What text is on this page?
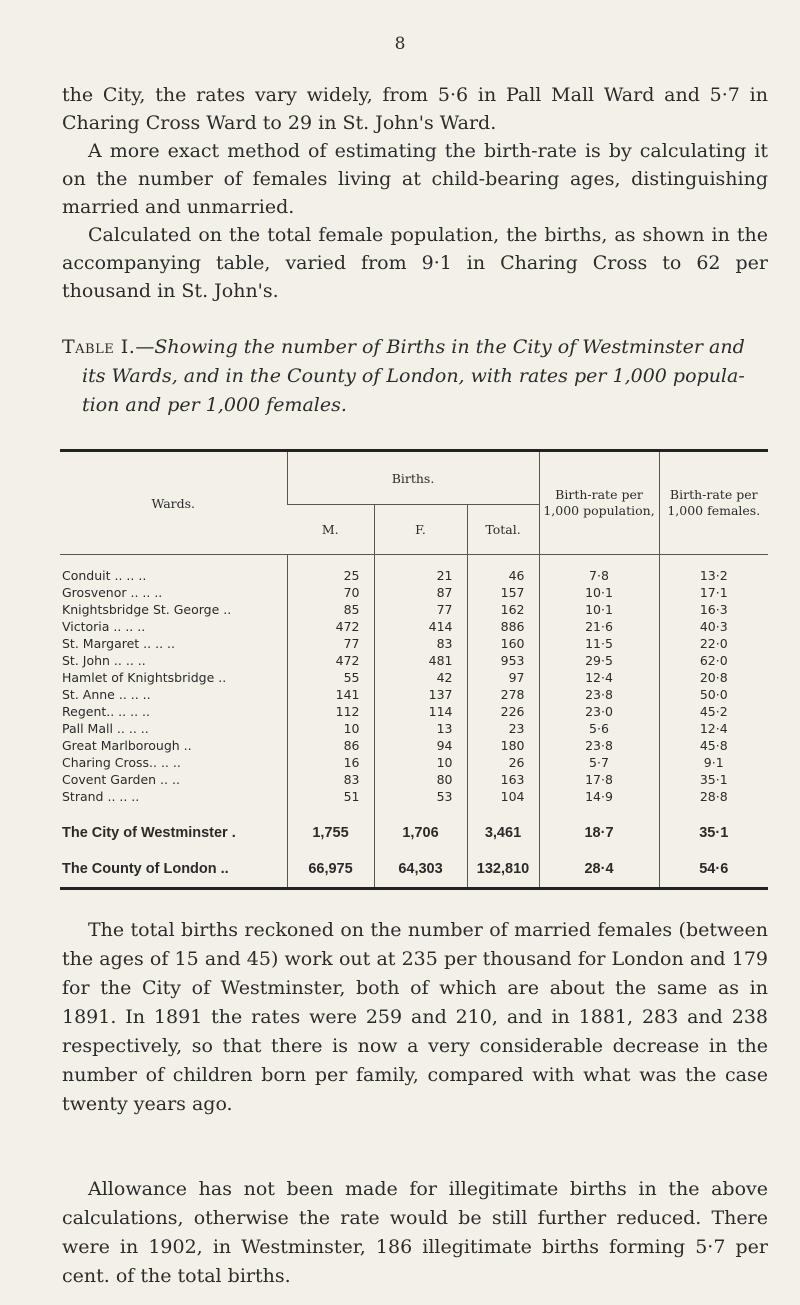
8

the City, the rates vary widely, from 5·6 in Pall Mall Ward and 5·7 in Charing Cross Ward to 29 in St. John's Ward.

A more exact method of estimating the birth-rate is by calculating it on the number of females living at child-bearing ages, distinguishing married and unmarried.

Calculated on the total female population, the births, as shown in the accompanying table, varied from 9·1 in Charing Cross to 62 per thousand in St. John's.

Table I.—Showing the number of Births in the City of Westminster and
its Wards, and in the County of London, with rates per 1,000 popula-
tion and per 1,000 females.
Wards.	Births.			Birth-rate per 1,000 population,	Birth-rate per 1,000 females.
	M.	F.	Total.		

Conduit .. .. ..	25	21	46	7·8	13·2
Grosvenor .. .. ..	70	87	157	10·1	17·1
Knightsbridge St. George ..	85	77	162	10·1	16·3
Victoria .. .. ..	472	414	886	21·6	40·3
St. Margaret .. .. ..	77	83	160	11·5	22·0
St. John .. .. ..	472	481	953	29·5	62·0
Hamlet of Knightsbridge ..	55	42	97	12·4	20·8
St. Anne .. .. ..	141	137	278	23·8	50·0
Regent.. .. .. ..	112	114	226	23·0	45·2
Pall Mall .. .. ..	10	13	23	5·6	12·4
Great Marlborough ..	86	94	180	23·8	45·8
Charing Cross.. .. ..	16	10	26	5·7	9·1
Covent Garden .. ..	83	80	163	17·8	35·1
Strand .. .. ..	51	53	104	14·9	28·8
The City of Westminster .	1,755	1,706	3,461	18·7	35·1
The County of London ..	66,975	64,303	132,810	28·4	54·6

The total births reckoned on the number of married females (between the ages of 15 and 45) work out at 235 per thousand for London and 179 for the City of Westminster, both of which are about the same as in 1891. In 1891 the rates were 259 and 210, and in 1881, 283 and 238 respectively, so that there is now a very considerable decrease in the number of children born per family, compared with what was the case twenty years ago.

Allowance has not been made for illegitimate births in the above calculations, otherwise the rate would be still further reduced. There were in 1902, in Westminster, 186 illegitimate births forming 5·7 per cent. of the total births.
